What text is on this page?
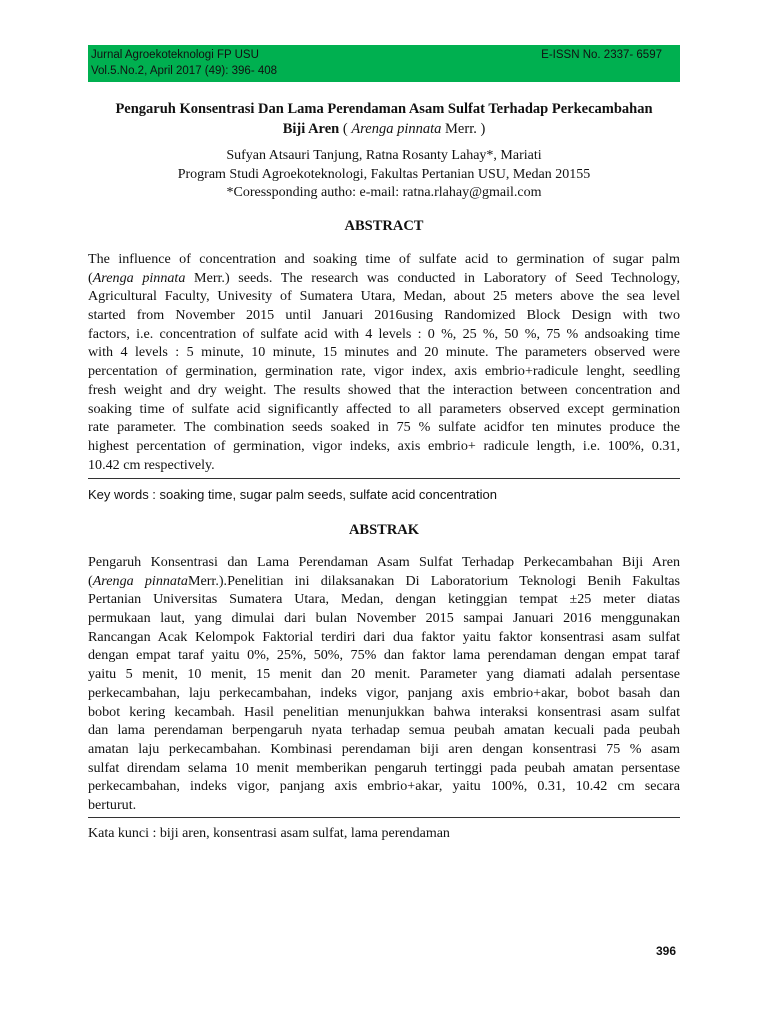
Jurnal Agroekoteknologi FP USU
Vol.5.No.2, April 2017 (49): 396- 408
E-ISSN No. 2337- 6597
Pengaruh Konsentrasi Dan Lama Perendaman Asam Sulfat Terhadap Perkecambahan
Biji Aren ( Arenga pinnata Merr. )
Sufyan Atsauri Tanjung, Ratna Rosanty Lahay*, Mariati
Program Studi Agroekoteknologi, Fakultas Pertanian USU, Medan 20155
*Coressponding autho: e-mail: ratna.rlahay@gmail.com
ABSTRACT
The influence of concentration and soaking time of sulfate acid to germination of sugar palm
(Arenga pinnata Merr.) seeds. The research was conducted in Laboratory of Seed Technology,
Agricultural Faculty, Univesity of Sumatera Utara, Medan, about 25 meters above the sea level
started from November 2015 until Januari 2016using Randomized Block Design with two
factors, i.e. concentration of sulfate acid with 4 levels : 0 %, 25 %, 50 %, 75 % andsoaking time
with 4 levels : 5 minute, 10 minute, 15 minutes and 20 minute. The parameters observed were
percentation of germination, germination rate, vigor index, axis embrio+radicule lenght, seedling
fresh weight and dry weight. The results showed that the interaction between concentration and
soaking time of sulfate acid significantly affected to all parameters observed except germination
rate parameter. The combination seeds soaked in 75 % sulfate acidfor ten minutes produce the
highest percentation of germination, vigor indeks, axis embrio+ radicule length, i.e. 100%, 0.31,
10.42 cm respectively.
Key words : soaking time, sugar palm seeds, sulfate acid concentration
ABSTRAK
Pengaruh Konsentrasi dan Lama Perendaman Asam Sulfat Terhadap Perkecambahan Biji Aren
(Arenga pinnataMerr.).Penelitian ini dilaksanakan Di Laboratorium Teknologi Benih Fakultas
Pertanian Universitas Sumatera Utara, Medan, dengan ketinggian tempat ±25 meter diatas
permukaan laut, yang dimulai dari bulan November 2015 sampai Januari 2016 menggunakan
Rancangan Acak Kelompok Faktorial terdiri dari dua faktor yaitu faktor konsentrasi asam sulfat
dengan empat taraf yaitu 0%, 25%, 50%, 75% dan faktor lama perendaman dengan empat taraf
yaitu 5 menit, 10 menit, 15 menit dan 20 menit. Parameter yang diamati adalah persentase
perkecambahan, laju perkecambahan, indeks vigor, panjang axis embrio+akar, bobot basah dan
bobot kering kecambah. Hasil penelitian menunjukkan bahwa interaksi konsentrasi asam sulfat
dan lama perendaman berpengaruh nyata terhadap semua peubah amatan kecuali pada peubah
amatan laju perkecambahan. Kombinasi perendaman biji aren dengan konsentrasi 75 % asam
sulfat direndam selama 10 menit memberikan pengaruh tertinggi pada peubah amatan persentase
perkecambahan, indeks vigor, panjang axis embrio+akar, yaitu 100%, 0.31, 10.42 cm secara
berturut.
Kata kunci : biji aren, konsentrasi asam sulfat, lama perendaman
396
